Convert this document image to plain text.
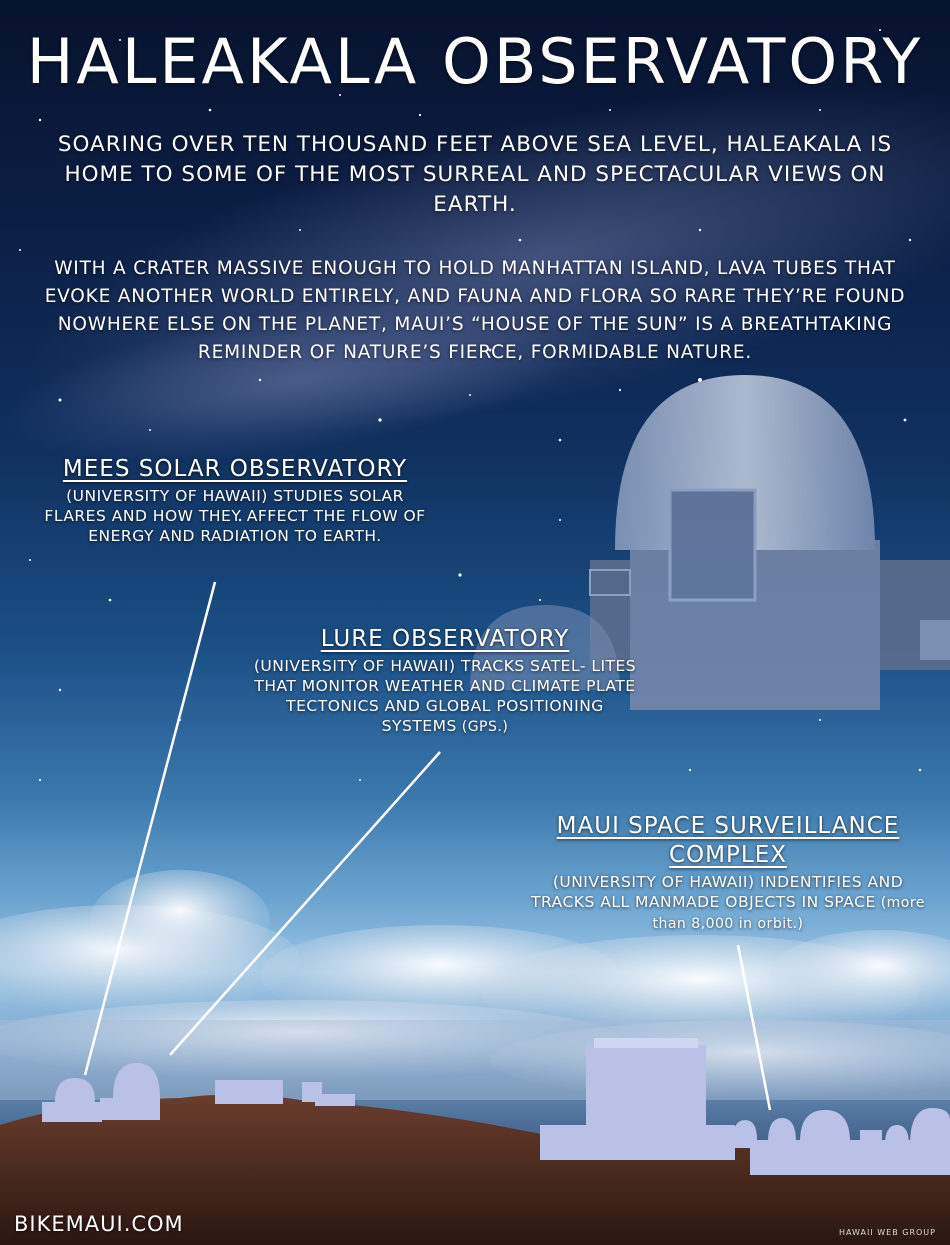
HALEAKALA OBSERVATORY

SOARING OVER TEN THOUSAND FEET ABOVE SEA LEVEL, HALEAKALA IS HOME TO SOME OF THE MOST SURREAL AND SPECTACULAR VIEWS ON EARTH.

WITH A CRATER MASSIVE ENOUGH TO HOLD MANHATTAN ISLAND, LAVA TUBES THAT EVOKE ANOTHER WORLD ENTIRELY, AND FAUNA AND FLORA SO RARE THEY’RE FOUND NOWHERE ELSE ON THE PLANET, MAUI’S “HOUSE OF THE SUN” IS A BREATHTAKING REMINDER OF NATURE’S FIERCE, FORMIDABLE NATURE.

MEES SOLAR OBSERVATORY

(UNIVERSITY OF HAWAII) STUDIES SOLAR FLARES AND HOW THEY AFFECT THE FLOW OF ENERGY AND RADIATION TO EARTH.

LURE OBSERVATORY

(UNIVERSITY OF HAWAII) TRACKS SATEL- LITES THAT MONITOR WEATHER AND CLIMATE PLATE TECTONICS AND GLOBAL POSITIONING SYSTEMS (GPS.)

MAUI SPACE SURVEILLANCE COMPLEX

(UNIVERSITY OF HAWAII) INDENTIFIES AND TRACKS ALL MANMADE OBJECTS IN SPACE (more than 8,000 in orbit.)

BIKEMAUI.COM	HAWAII WEB GROUP
